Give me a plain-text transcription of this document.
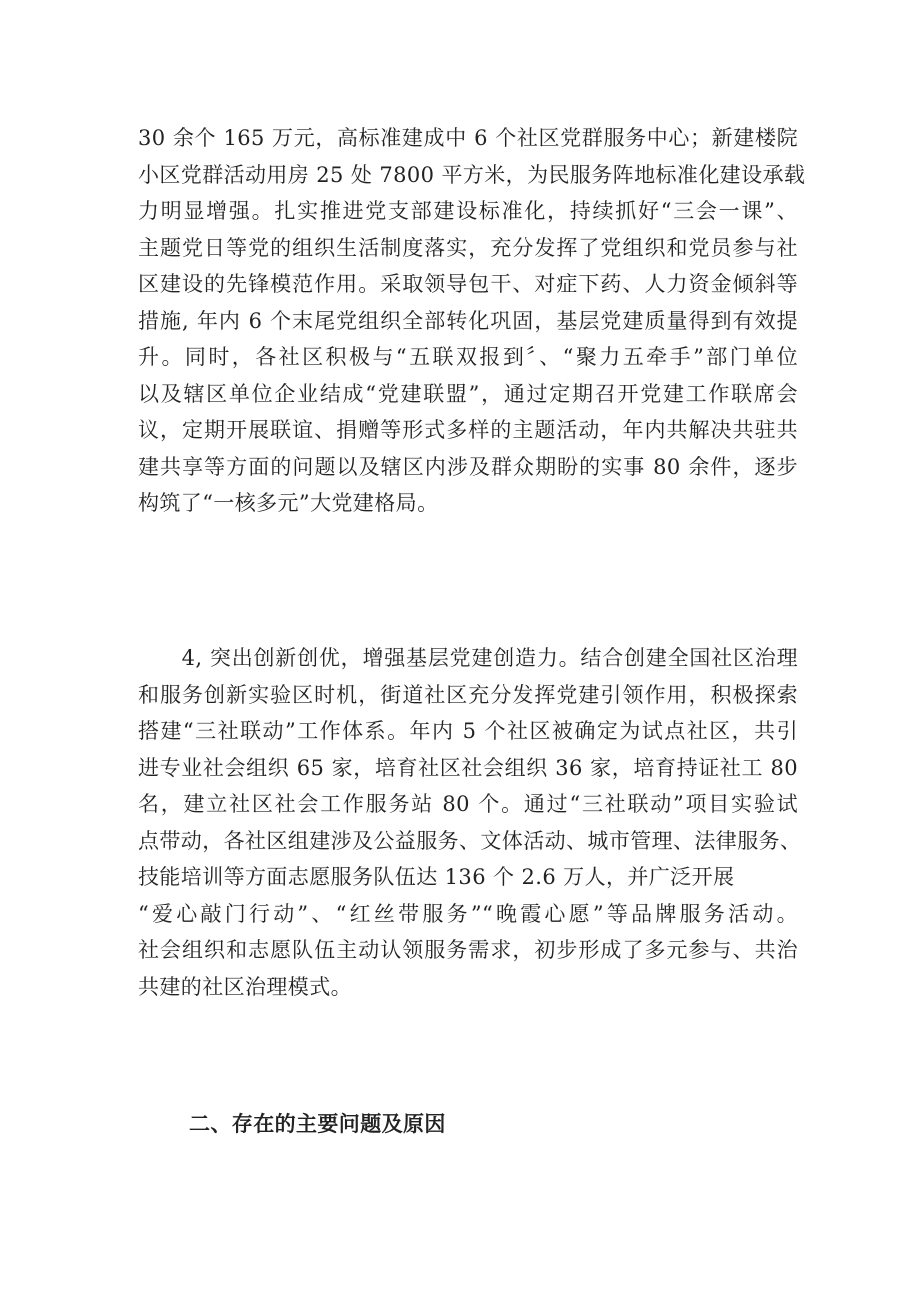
30 余个 165 万元，高标准建成中 6 个社区党群服务中心；新建楼院
小区党群活动用房 25 处 7800 平方米，为民服务阵地标准化建设承载
力明显增强。扎实推进党支部建设标准化，持续抓好“三会一课”、
主题党日等党的组织生活制度落实，充分发挥了党组织和党员参与社
区建设的先锋模范作用。采取领导包干、对症下药、人力资金倾斜等
措施, 年内 6 个末尾党组织全部转化巩固，基层党建质量得到有效提
升。同时，各社区积极与“五联双报到〞、“聚力五牵手”部门单位
以及辖区单位企业结成“党建联盟”，通过定期召开党建工作联席会
议，定期开展联谊、捐赠等形式多样的主题活动，年内共解决共驻共
建共享等方面的问题以及辖区内涉及群众期盼的实事 80 余件，逐步
构筑了“一核多元”大党建格局。
　　4, 突出创新创优，增强基层党建创造力。结合创建全国社区治理
和服务创新实验区时机，街道社区充分发挥党建引领作用，积极探索
搭建“三社联动”工作体系。年内 5 个社区被确定为试点社区，共引
进专业社会组织 65 家，培育社区社会组织 36 家，培育持证社工 80
名，建立社区社会工作服务站 80 个。通过“三社联动”项目实验试
点带动，各社区组建涉及公益服务、文体活动、城市管理、法律服务、
技能培训等方面志愿服务队伍达 136 个 2.6 万人，并广泛开展
“爱心敲门行动”、“红丝带服务”“晚霞心愿”等品牌服务活动。
社会组织和志愿队伍主动认领服务需求，初步形成了多元参与、共治
共建的社区治理模式。
二、存在的主要问题及原因
